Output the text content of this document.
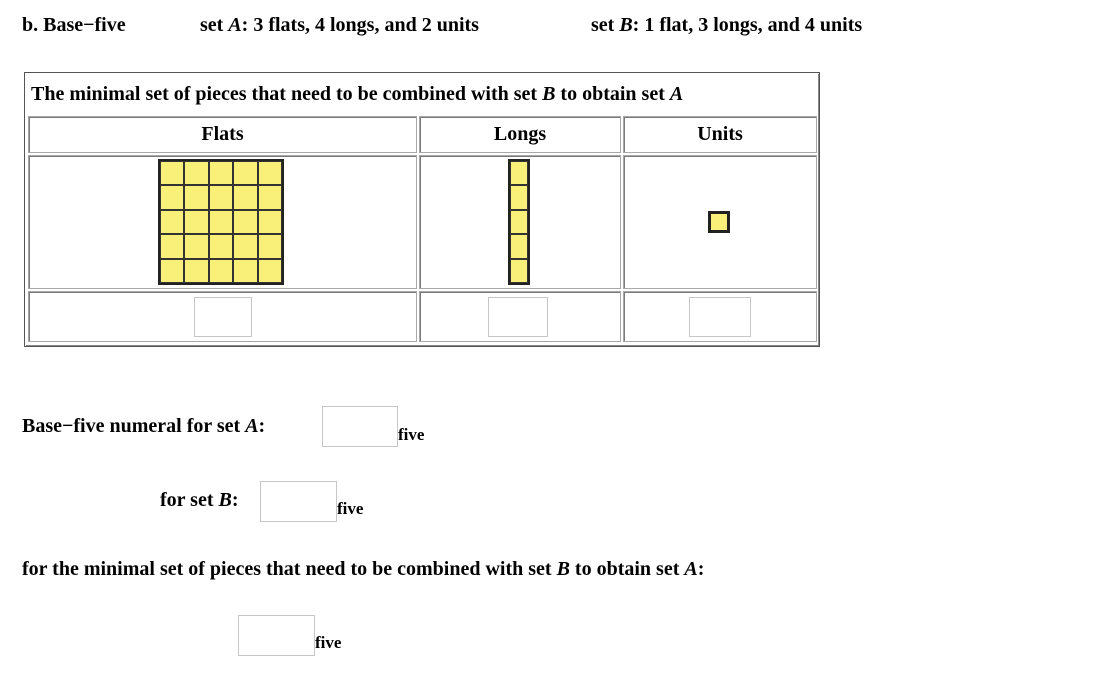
b. Base−five	set A: 3 flats, 4 longs, and 2 units	set B: 1 flat, 3 longs, and 4 units
The minimal set of pieces that need to be combined with set B to obtain set A
Flats	Longs	Units
Base−five numeral for set A:	five
for set B:	five
for the minimal set of pieces that need to be combined with set B to obtain set A:
five
